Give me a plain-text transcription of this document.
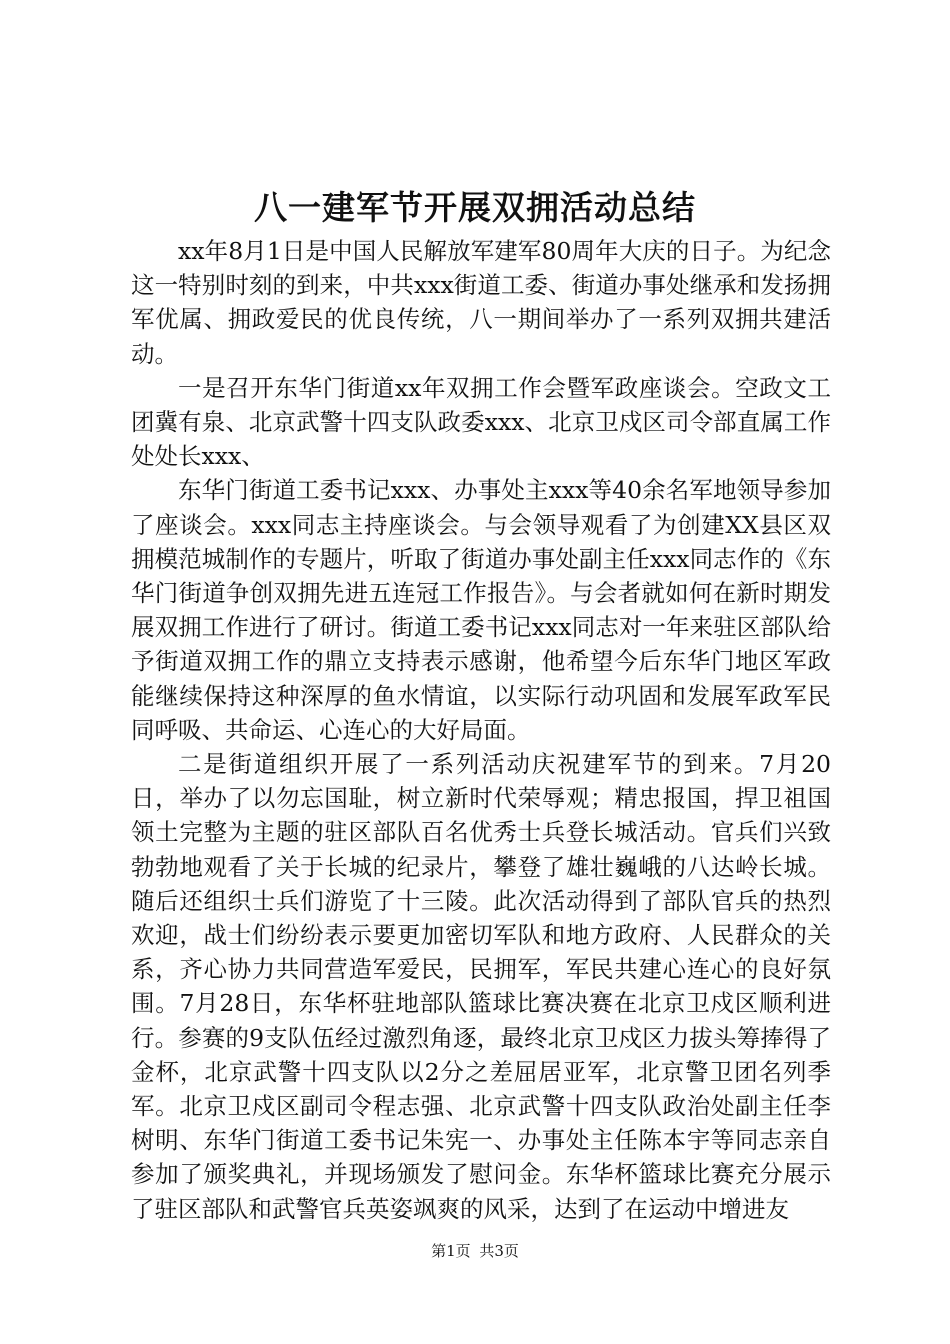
八一建军节开展双拥活动总结

xx年8月1日是中国人民解放军建军80周年大庆的日子。为纪念这一特别时刻的到来，中共xxx街道工委、街道办事处继承和发扬拥军优属、拥政爱民的优良传统，八一期间举办了一系列双拥共建活动。

一是召开东华门街道xx年双拥工作会暨军政座谈会。空政文工团冀有泉、北京武警十四支队政委xxx、北京卫戍区司令部直属工作处处长xxx、

东华门街道工委书记xxx、办事处主xxx等40余名军地领导参加了座谈会。xxx同志主持座谈会。与会领导观看了为创建XX县区双拥模范城制作的专题片，听取了街道办事处副主任xxx同志作的《东华门街道争创双拥先进五连冠工作报告》。与会者就如何在新时期发展双拥工作进行了研讨。街道工委书记xxx同志对一年来驻区部队给予街道双拥工作的鼎立支持表示感谢，他希望今后东华门地区军政能继续保持这种深厚的鱼水情谊，以实际行动巩固和发展军政军民同呼吸、共命运、心连心的大好局面。

二是街道组织开展了一系列活动庆祝建军节的到来。7月20日，举办了以勿忘国耻，树立新时代荣辱观；精忠报国，捍卫祖国领土完整为主题的驻区部队百名优秀士兵登长城活动。官兵们兴致勃勃地观看了关于长城的纪录片，攀登了雄壮巍峨的八达岭长城。随后还组织士兵们游览了十三陵。此次活动得到了部队官兵的热烈欢迎，战士们纷纷表示要更加密切军队和地方政府、人民群众的关系，齐心协力共同营造军爱民，民拥军，军民共建心连心的良好氛围。7月28日，东华杯驻地部队篮球比赛决赛在北京卫戍区顺利进行。参赛的9支队伍经过激烈角逐，最终北京卫戍区力拔头筹捧得了金杯，北京武警十四支队以2分之差屈居亚军，北京警卫团名列季军。北京卫戍区副司令程志强、北京武警十四支队政治处副主任李树明、东华门街道工委书记朱宪一、办事处主任陈本宇等同志亲自参加了颁奖典礼，并现场颁发了慰问金。东华杯篮球比赛充分展示了驻区部队和武警官兵英姿飒爽的风采，达到了在运动中增进友

第1页 共3页
